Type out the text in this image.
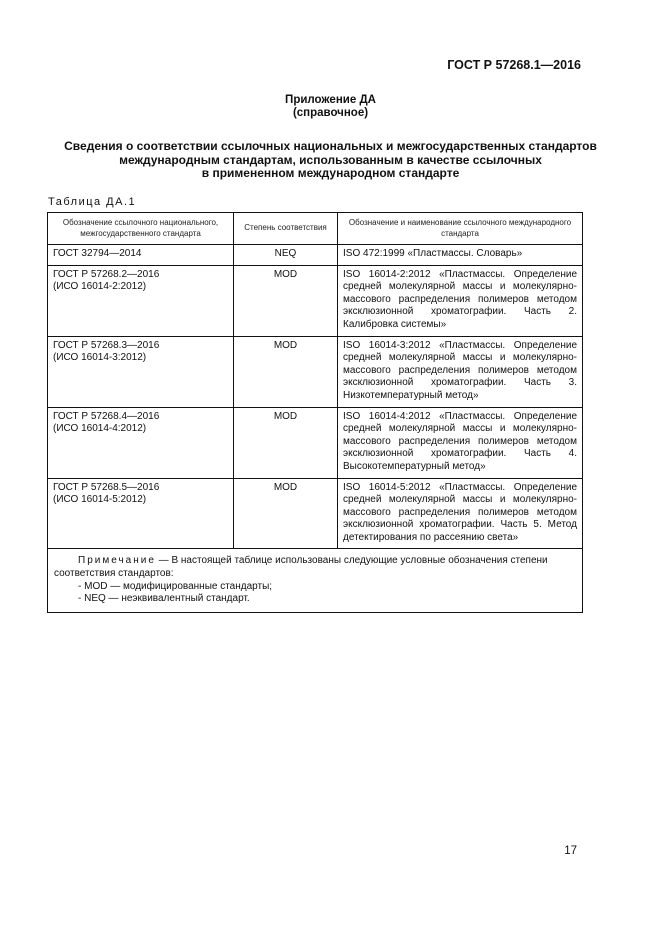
ГОСТ Р 57268.1—2016
Приложение ДА
(справочное)
Сведения о соответствии ссылочных национальных и межгосударственных стандартов
международным стандартам, использованным в качестве ссылочных
в примененном международном стандарте
Таблица ДА.1
Обозначение ссылочного национального, межгосударственного стандарта	Степень соответствия	Обозначение и наименование ссылочного международного стандарта

ГОСТ 32794—2014	NEQ	ISO 472:1999 «Пластмассы. Словарь»

ГОСТ Р 57268.2—2016
(ИСО 16014-2:2012)	MOD	ISO 16014-2:2012 «Пластмассы. Определение средней молекулярной массы и молекулярно-массового распределения полимеров методом эксклюзионной хроматографии. Часть 2. Калибровка системы»

ГОСТ Р 57268.3—2016
(ИСО 16014-3:2012)	MOD	ISO 16014-3:2012 «Пластмассы. Определение средней молекулярной массы и молекулярно-массового распределения полимеров методом эксклюзионной хроматографии. Часть 3. Низкотемпературный метод»

ГОСТ Р 57268.4—2016
(ИСО 16014-4:2012)	MOD	ISO 16014-4:2012 «Пластмассы. Определение средней молекулярной массы и молекулярно-массового распределения полимеров методом эксклюзионной хроматографии. Часть 4. Высокотемпературный метод»

ГОСТ Р 57268.5—2016
(ИСО 16014-5:2012)	MOD	ISO 16014-5:2012 «Пластмассы. Определение средней молекулярной массы и молекулярно-массового распределения полимеров методом эксклюзионной хроматографии. Часть 5. Метод детектирования по рассеянию света»
Примечание — В настоящей таблице использованы следующие условные обозначения степени соответствия стандартов:
- MOD — модифицированные стандарты;
- NEQ — неэквивалентный стандарт.		
17
